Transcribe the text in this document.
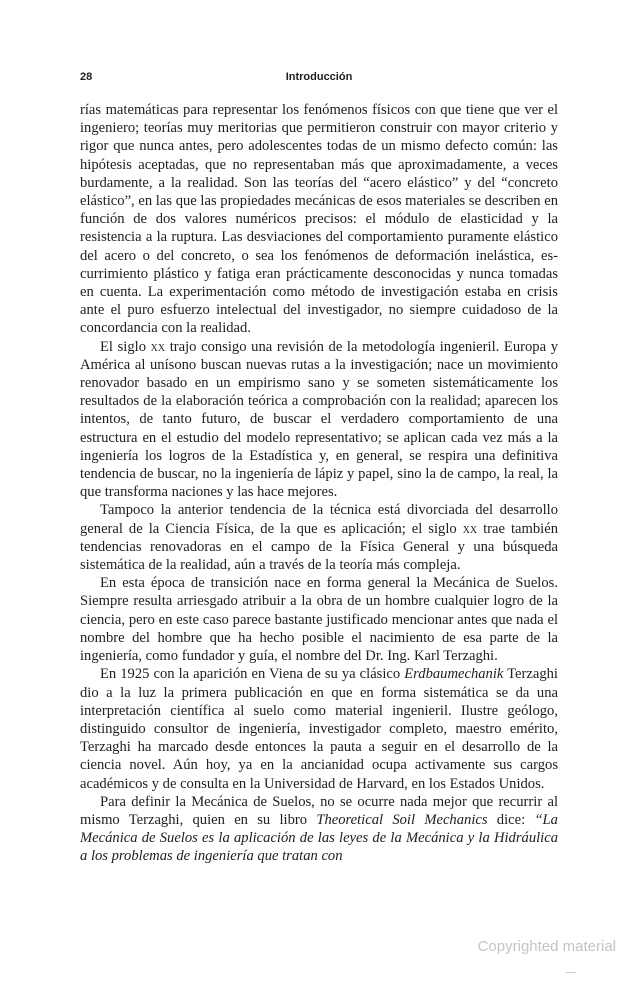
28	Introducción

rías matemáticas para representar los fenómenos físicos con que tiene que ver el ingeniero; teorías muy meritorias que permitieron construir con mayor criterio y rigor que nunca antes, pero adolescentes todas de un mismo defecto común: las hipótesis aceptadas, que no representaban más que aproximadamente, a veces burdamente, a la realidad. Son las teorías del “acero elástico” y del “concreto elástico”, en las que las propiedades mecánicas de esos materiales se describen en función de dos valores numéricos precisos: el módulo de elasticidad y la resistencia a la ruptura. Las desviaciones del comportamiento puramente elástico del acero o del concreto, o sea los fenómenos de deformación inelástica, escurrimiento plástico y fatiga eran prácticamente desconocidas y nunca tomadas en cuenta. La experimentación como método de investigación estaba en crisis ante el puro esfuerzo intelectual del investigador, no siempre cuidadoso de la concordancia con la realidad.

El siglo xx trajo consigo una revisión de la metodología ingenieril. Europa y América al unísono buscan nuevas rutas a la investigación; nace un movimiento renovador basado en un empirismo sano y se someten sistemáticamente los resultados de la elaboración teórica a comprobación con la realidad; aparecen los intentos, de tanto futuro, de buscar el verdadero comportamiento de una estructura en el estudio del modelo representativo; se aplican cada vez más a la ingeniería los logros de la Estadística y, en general, se respira una definitiva tendencia de buscar, no la ingeniería de lápiz y papel, sino la de campo, la real, la que transforma naciones y las hace mejores.

Tampoco la anterior tendencia de la técnica está divorciada del desarrollo general de la Ciencia Física, de la que es aplicación; el siglo xx trae también tendencias renovadoras en el campo de la Física General y una búsqueda sistemática de la realidad, aún a través de la teoría más compleja.

En esta época de transición nace en forma general la Mecánica de Suelos. Siempre resulta arriesgado atribuir a la obra de un hombre cualquier logro de la ciencia, pero en este caso parece bastante justificado mencionar antes que nada el nombre del hombre que ha hecho posible el nacimiento de esa parte de la ingeniería, como fundador y guía, el nombre del Dr. Ing. Karl Terzaghi.

En 1925 con la aparición en Viena de su ya clásico Erdbaumechanik Terzaghi dio a la luz la primera publicación en que en forma sistemática se da una interpretación científica al suelo como material ingenieril. Ilustre geólogo, distinguido consultor de ingeniería, investigador completo, maestro emérito, Terzaghi ha marcado desde entonces la pauta a seguir en el desarrollo de la ciencia novel. Aún hoy, ya en la ancianidad ocupa activamente sus cargos académicos y de consulta en la Universidad de Harvard, en los Estados Unidos.

Para definir la Mecánica de Suelos, no se ocurre nada mejor que recurrir al mismo Terzaghi, quien en su libro Theoretical Soil Mechanics dice: “La Mecánica de Suelos es la aplicación de las leyes de la Mecánica y la Hidráulica a los problemas de ingeniería que tratan con

Copyrighted material
